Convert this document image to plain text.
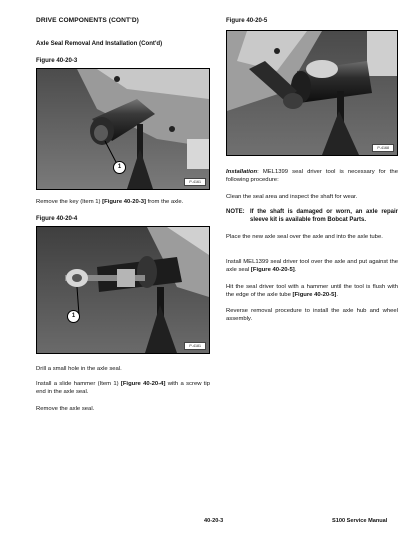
DRIVE COMPONENTS (CONT'D)
Axle Seal Removal And Installation (Cont'd)
Figure 40-20-3
1
P-4161
Remove the key (Item 1) [Figure 40-20-3] from the axle.
Figure 40-20-4
1
P-4181
Drill a small hole in the axle seal.
Install a slide hammer (Item 1) [Figure 40-20-4] with a screw tip end in the axle seal.
Remove the axle seal.
Figure 40-20-5
P-4168
Installation: MEL1399 seal driver tool is necessary for the following procedure:
Clean the seal area and inspect the shaft for wear.
NOTE: If the shaft is damaged or worn, an axle repair sleeve kit is available from Bobcat Parts.
Place the new axle seal over the axle and into the axle tube.
Install MEL1399 seal driver tool over the axle and put against the axle seal [Figure 40-20-5].
Hit the seal driver tool with a hammer until the tool is flush with the edge of the axle tube [Figure 40-20-5].
Reverse removal procedure to install the axle hub and wheel assembly.
40-20-3	S100 Service Manual
